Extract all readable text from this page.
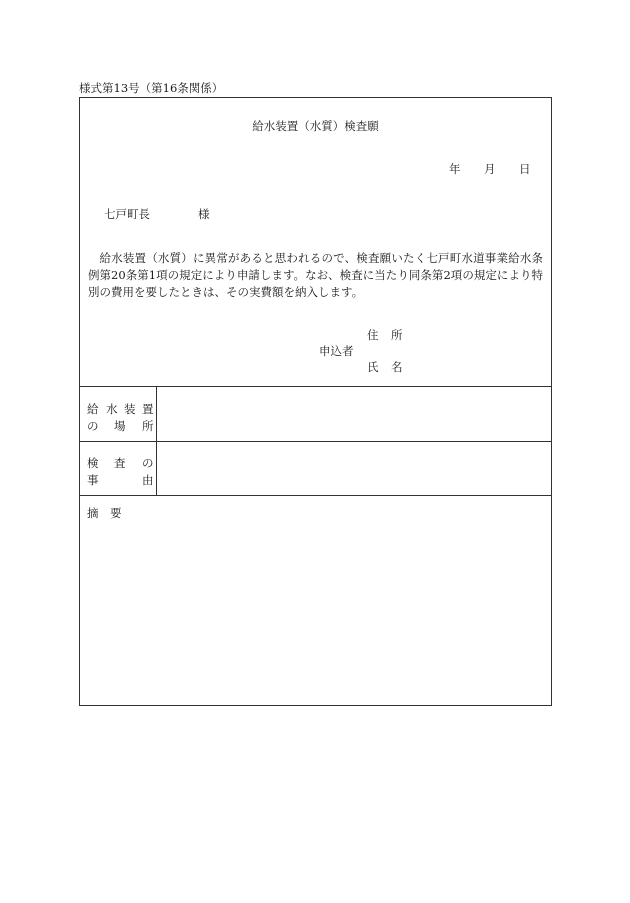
様式第13号（第16条関係）
給水装置（水質）検査願
年 月 日
七戸町長	様
給水装置（水質）に異常があると思われるので、検査願いたく七戸町水道事業給水条例第20条第1項の規定により申請します。なお、検査に当たり同条第2項の規定により特別の費用を要したときは、その実費額を納入します。
住 所
申込者
氏 名
給 水 装 置
の 場 所
検 査 の
事	由
摘 要
